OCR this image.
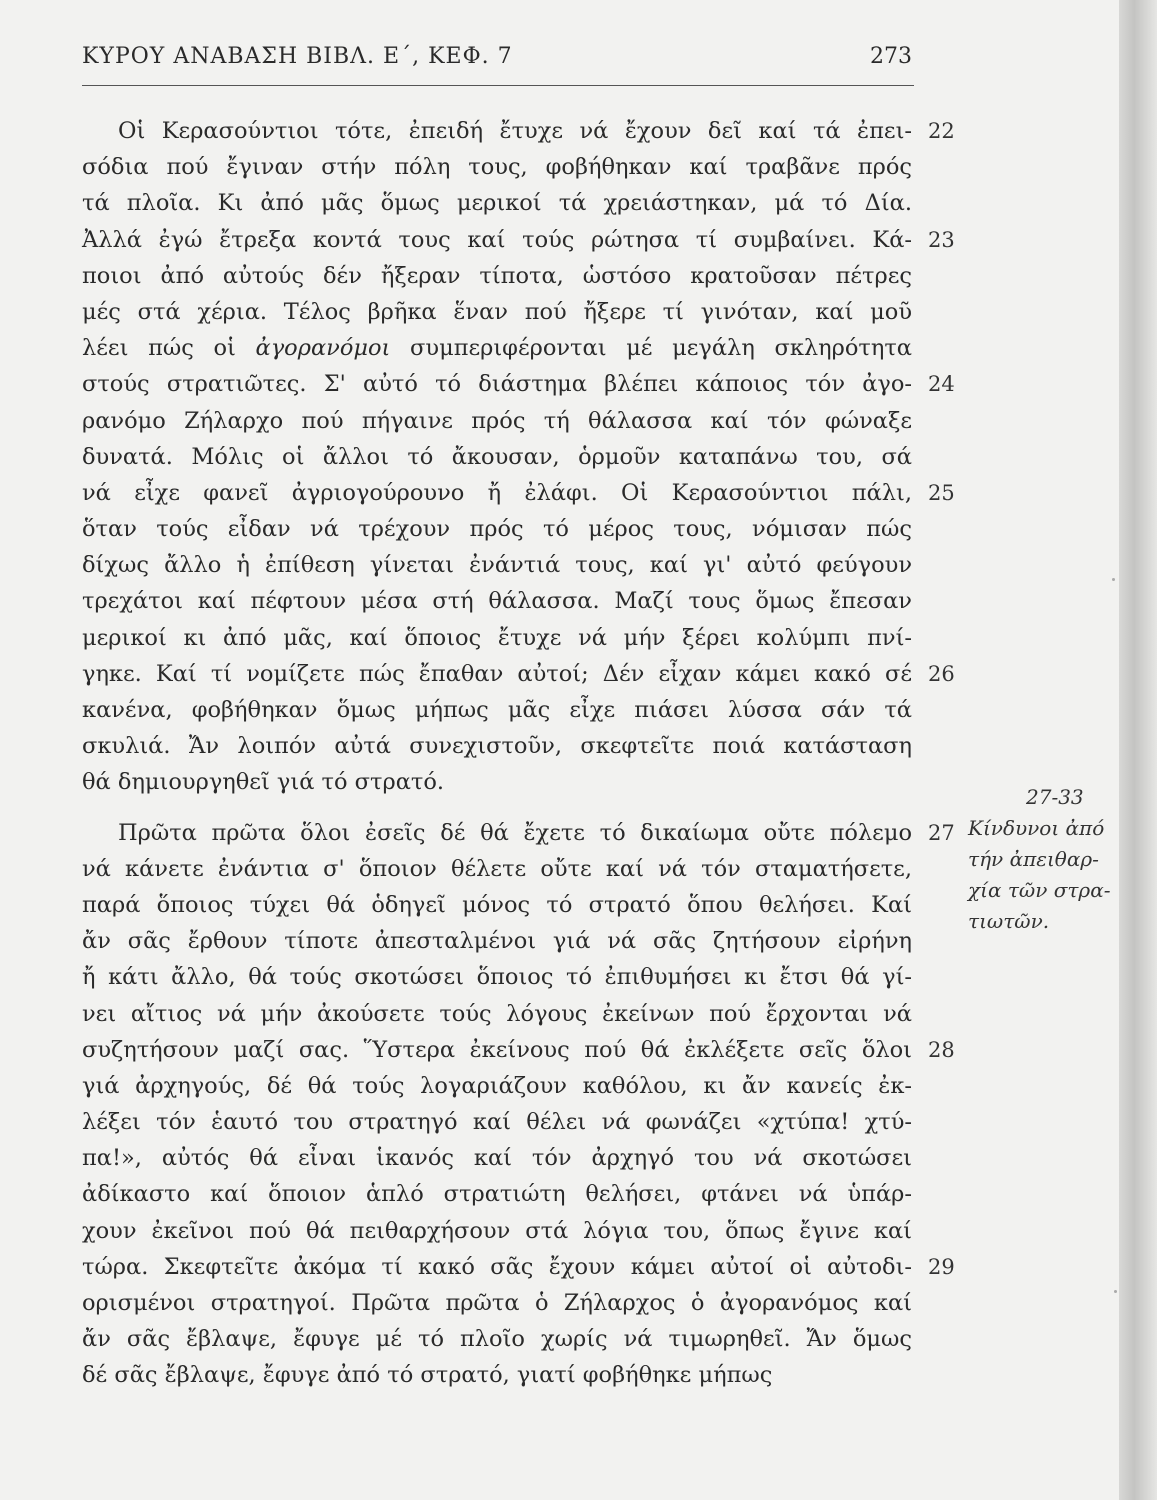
ΚΥΡΟΥ ΑΝΑΒΑΣΗ ΒΙΒΛ. Ε΄, ΚΕΦ. 7	273
Οἱ Κερασούντιοι τότε, ἐπειδή ἔτυχε νά ἔχουν δεῖ καί τά ἐπει- 22
σόδια πού ἔγιναν στήν πόλη τους, φοβήθηκαν καί τραβᾶνε πρός
τά πλοῖα. Κι ἀπό μᾶς ὅμως μερικοί τά χρειάστηκαν, μά τό Δία.
Ἀλλά ἐγώ ἔτρεξα κοντά τους καί τούς ρώτησα τί συμβαίνει. Κά- 23
ποιοι ἀπό αὐτούς δέν ἤξεραν τίποτα, ὡστόσο κρατοῦσαν πέτρες
μές στά χέρια. Τέλος βρῆκα ἕναν πού ἤξερε τί γινόταν, καί μοῦ
λέει πώς οἱ ἀγορανόμοι συμπεριφέρονται μέ μεγάλη σκληρότητα
στούς στρατιῶτες. Σ' αὐτό τό διάστημα βλέπει κάποιος τόν ἀγο- 24
ρανόμο Ζήλαρχο πού πήγαινε πρός τή θάλασσα καί τόν φώναξε
δυνατά. Μόλις οἱ ἄλλοι τό ἄκουσαν, ὁρμοῦν καταπάνω του, σά
νά εἶχε φανεῖ ἀγριογούρουνο ἤ ἐλάφι. Οἱ Κερασούντιοι πάλι, 25
ὅταν τούς εἶδαν νά τρέχουν πρός τό μέρος τους, νόμισαν πώς
δίχως ἄλλο ἡ ἐπίθεση γίνεται ἐνάντιά τους, καί γι' αὐτό φεύγουν
τρεχάτοι καί πέφτουν μέσα στή θάλασσα. Μαζί τους ὅμως ἔπεσαν
μερικοί κι ἀπό μᾶς, καί ὅποιος ἔτυχε νά μήν ξέρει κολύμπι πνί-
γηκε. Καί τί νομίζετε πώς ἔπαθαν αὐτοί; Δέν εἶχαν κάμει κακό σέ 26
κανένα, φοβήθηκαν ὅμως μήπως μᾶς εἶχε πιάσει λύσσα σάν τά
σκυλιά. Ἄν λοιπόν αὐτά συνεχιστοῦν, σκεφτεῖτε ποιά κατάσταση
θά δημιουργηθεῖ γιά τό στρατό.
Πρῶτα πρῶτα ὅλοι ἐσεῖς δέ θά ἔχετε τό δικαίωμα οὔτε πόλεμο 27
νά κάνετε ἐνάντια σ' ὅποιον θέλετε οὔτε καί νά τόν σταματήσετε,
παρά ὅποιος τύχει θά ὁδηγεῖ μόνος τό στρατό ὅπου θελήσει. Καί
ἄν σᾶς ἔρθουν τίποτε ἀπεσταλμένοι γιά νά σᾶς ζητήσουν εἰρήνη
ἤ κάτι ἄλλο, θά τούς σκοτώσει ὅποιος τό ἐπιθυμήσει κι ἔτσι θά γί-
νει αἴτιος νά μήν ἀκούσετε τούς λόγους ἐκείνων πού ἔρχονται νά
συζητήσουν μαζί σας. Ὕστερα ἐκείνους πού θά ἐκλέξετε σεῖς ὅλοι 28
γιά ἀρχηγούς, δέ θά τούς λογαριάζουν καθόλου, κι ἄν κανείς ἐκ-
λέξει τόν ἑαυτό του στρατηγό καί θέλει νά φωνάζει «χτύπα! χτύ-
πα!», αὐτός θά εἶναι ἱκανός καί τόν ἀρχηγό του νά σκοτώσει
ἀδίκαστο καί ὅποιον ἁπλό στρατιώτη θελήσει, φτάνει νά ὑπάρ-
χουν ἐκεῖνοι πού θά πειθαρχήσουν στά λόγια του, ὅπως ἔγινε καί
τώρα. Σκεφτεῖτε ἀκόμα τί κακό σᾶς ἔχουν κάμει αὐτοί οἱ αὐτοδι- 29
ορισμένοι στρατηγοί. Πρῶτα πρῶτα ὁ Ζήλαρχος ὁ ἀγορανόμος καί
ἄν σᾶς ἔβλαψε, ἔφυγε μέ τό πλοῖο χωρίς νά τιμωρηθεῖ. Ἄν ὅμως
δέ σᾶς ἔβλαψε, ἔφυγε ἀπό τό στρατό, γιατί φοβήθηκε μήπως
27-33
Κίνδυνοι ἀπό
τήν ἀπειθαρ-
χία τῶν στρα-
τιωτῶν.
